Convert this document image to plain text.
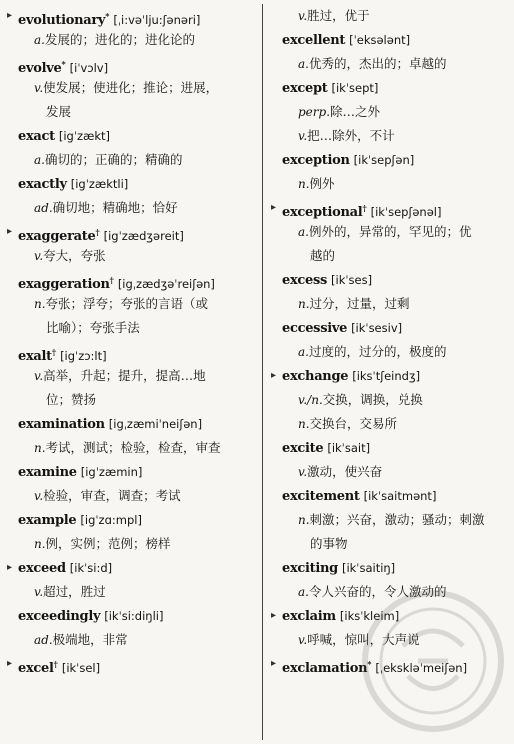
▸ evolutionary* [ˌi:vəˈlju:ʃənəri]
a.发展的；进化的；进化论的
evolve* [iˈvɔlv]
v.使发展；使进化；推论；进展，
发展
exact [igˈzækt]
a.确切的；正确的；精确的
exactly [igˈzæktli]
ad.确切地；精确地；恰好
▸ exaggerate† [igˈzædʒəreit]
v.夸大，夸张
exaggeration† [igˌzædʒəˈreiʃən]
n.夸张；浮夸；夸张的言语（或
比喻）；夸张手法
exalt† [igˈzɔ:lt]
v.高举，升起；提升，提高…地
位；赞扬
examination [igˌzæmiˈneiʃən]
n.考试，测试；检验，检查，审查
examine [igˈzæmin]
v.检验，审查，调查；考试
example [igˈzɑ:mpl]
n.例，实例；范例；榜样
▸ exceed [ikˈsi:d]
v.超过，胜过
exceedingly [ikˈsi:diŋli]
ad.极端地，非常
▸ excel† [ikˈsel]
v.胜过，优于
excellent [ˈeksələnt]
a.优秀的，杰出的；卓越的
except [ikˈsept]
perp.除…之外
v.把…除外，不计
exception [ikˈsepʃən]
n.例外
▸ exceptional† [ikˈsepʃənəl]
a.例外的，异常的，罕见的；优
越的
excess [ikˈses]
n.过分，过量，过剩
eccessive [ikˈsesiv]
a.过度的，过分的，极度的
▸ exchange [iksˈtʃeindʒ]
v./n.交换，调换，兑换
n.交换台，交易所
excite [ikˈsait]
v.激动，使兴奋
excitement [ikˈsaitmənt]
n.刺激；兴奋，激动；骚动；刺激
的事物
exciting [ikˈsaitiŋ]
a.令人兴奋的，令人激动的
▸ exclaim [iksˈkleim]
v.呼喊，惊叫，大声说
▸ exclamation* [ˌeksklәˈmeiʃən]
